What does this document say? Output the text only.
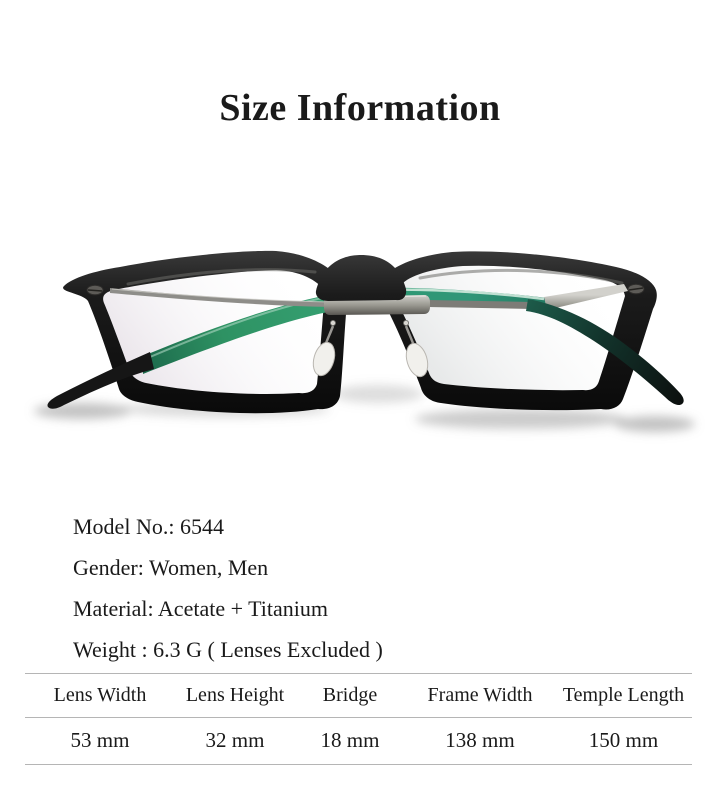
Size Information

Model No.: 6544

Gender: Women, Men

Material: Acetate + Titanium

Weight : 6.3 G ( Lenses Excluded )

Lens Width	Lens Height	Bridge	Frame Width	Temple Length
53 mm	32 mm	18 mm	138 mm	150 mm
